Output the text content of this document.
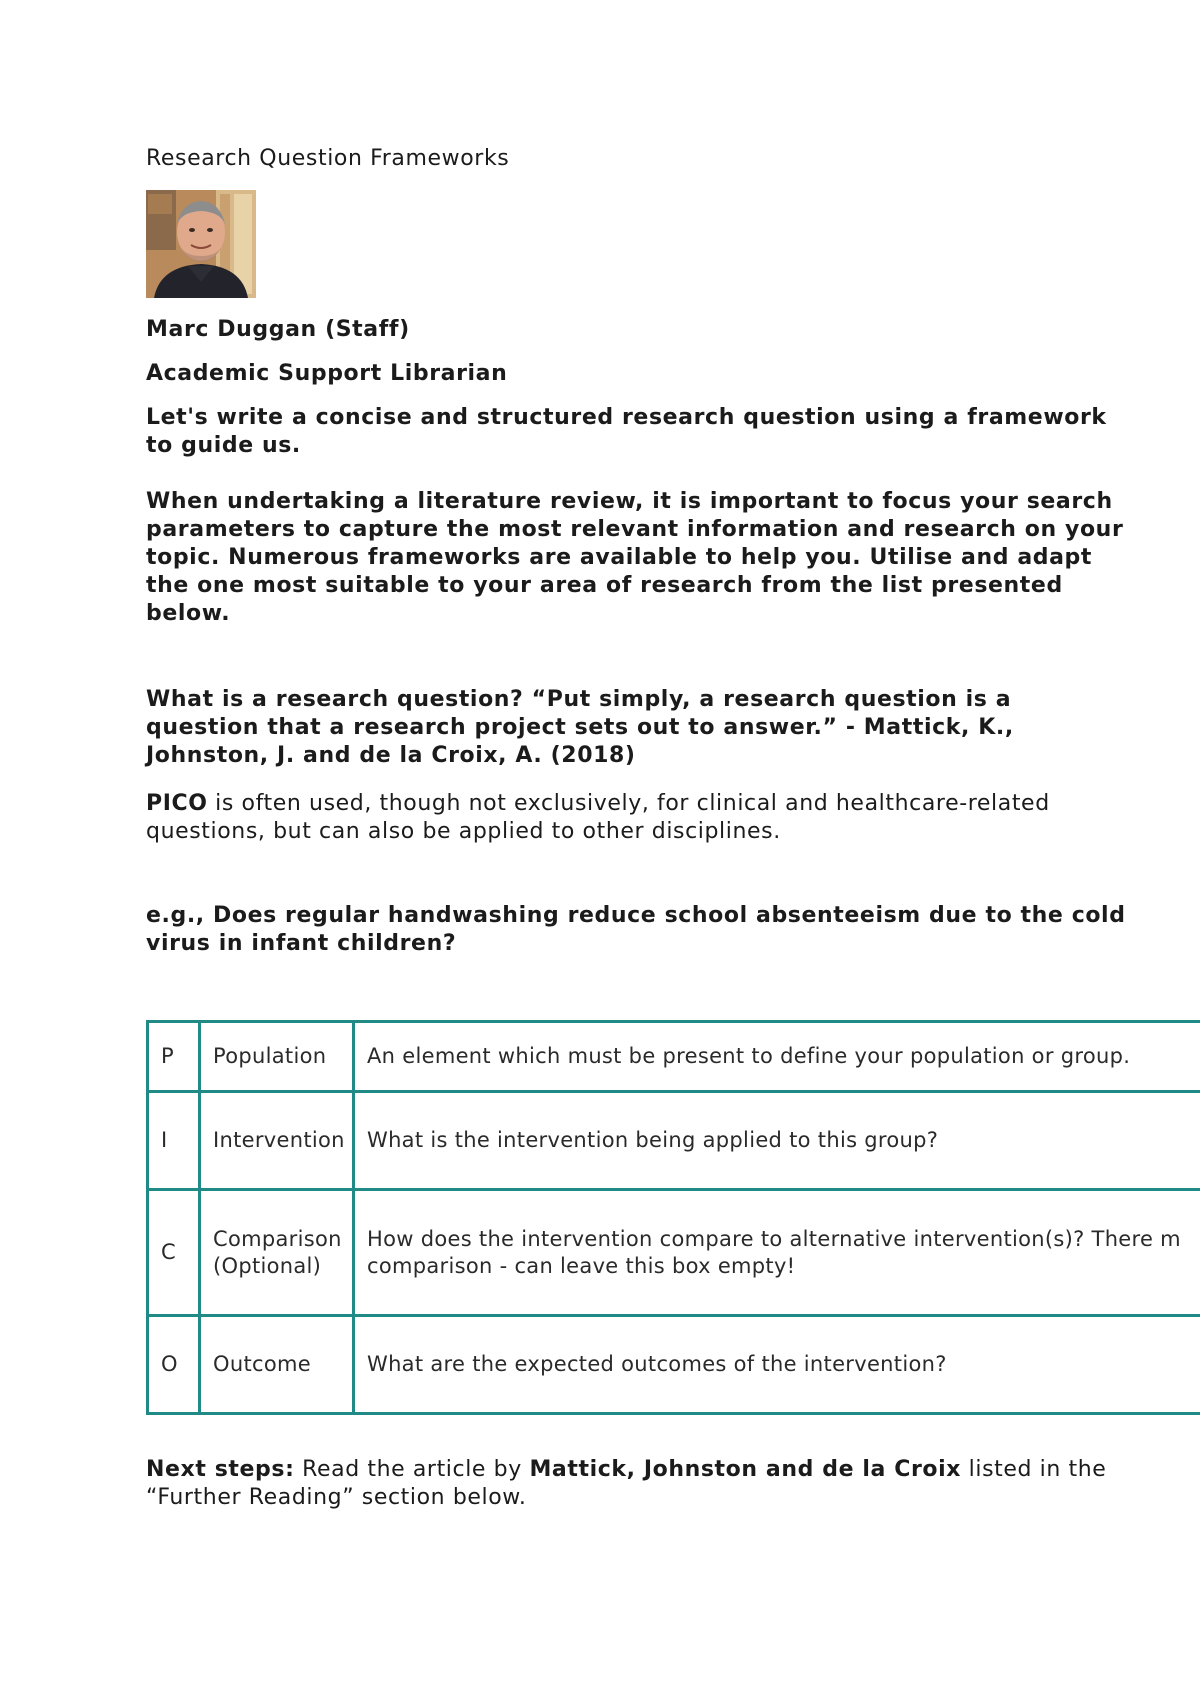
Research Question Frameworks

Marc Duggan (Staff)

Academic Support Librarian

Let's write a concise and structured research question using a framework to guide us.

When undertaking a literature review, it is important to focus your search parameters to capture the most relevant information and research on your topic. Numerous frameworks are available to help you. Utilise and adapt the one most suitable to your area of research from the list presented below.

What is a research question? “Put simply, a research question is a question that a research project sets out to answer.” - Mattick, K., Johnston, J. and de la Croix, A. (2018)

PICO is often used, though not exclusively, for clinical and healthcare-related questions, but can also be applied to other disciplines.

e.g., Does regular handwashing reduce school absenteeism due to the cold virus in infant children?

P	Population	An element which must be present to define your population or group.

I	Intervention	What is the intervention being applied to this group?

C	Comparison (Optional)	How does the intervention compare to alternative intervention(s)? There m
comparison - can leave this box empty!

O	Outcome	What are the expected outcomes of the intervention?

Next steps: Read the article by Mattick, Johnston and de la Croix listed in the “Further Reading” section below.
